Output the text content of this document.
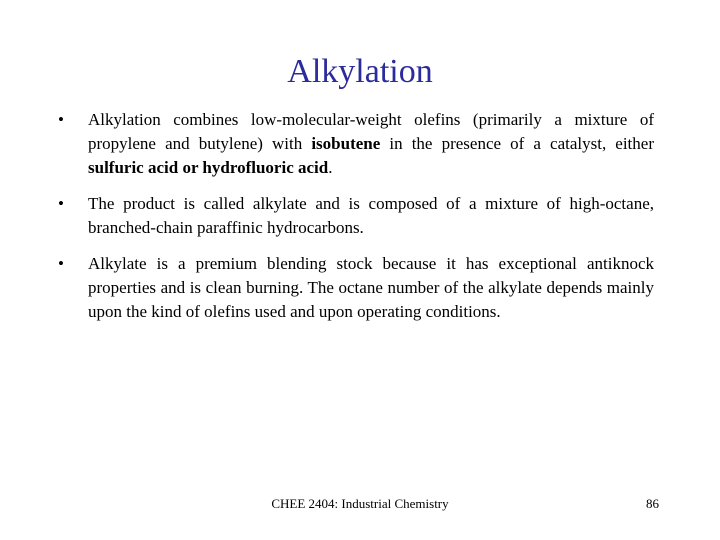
Alkylation
• Alkylation combines low-molecular-weight olefins (primarily a mixture of propylene and butylene) with isobutene in the presence of a catalyst, either sulfuric acid or hydrofluoric acid.
• The product is called alkylate and is composed of a mixture of high-octane, branched-chain paraffinic hydrocarbons.
• Alkylate is a premium blending stock because it has exceptional antiknock properties and is clean burning. The octane number of the alkylate depends mainly upon the kind of olefins used and upon operating conditions.
CHEE 2404: Industrial Chemistry	86
